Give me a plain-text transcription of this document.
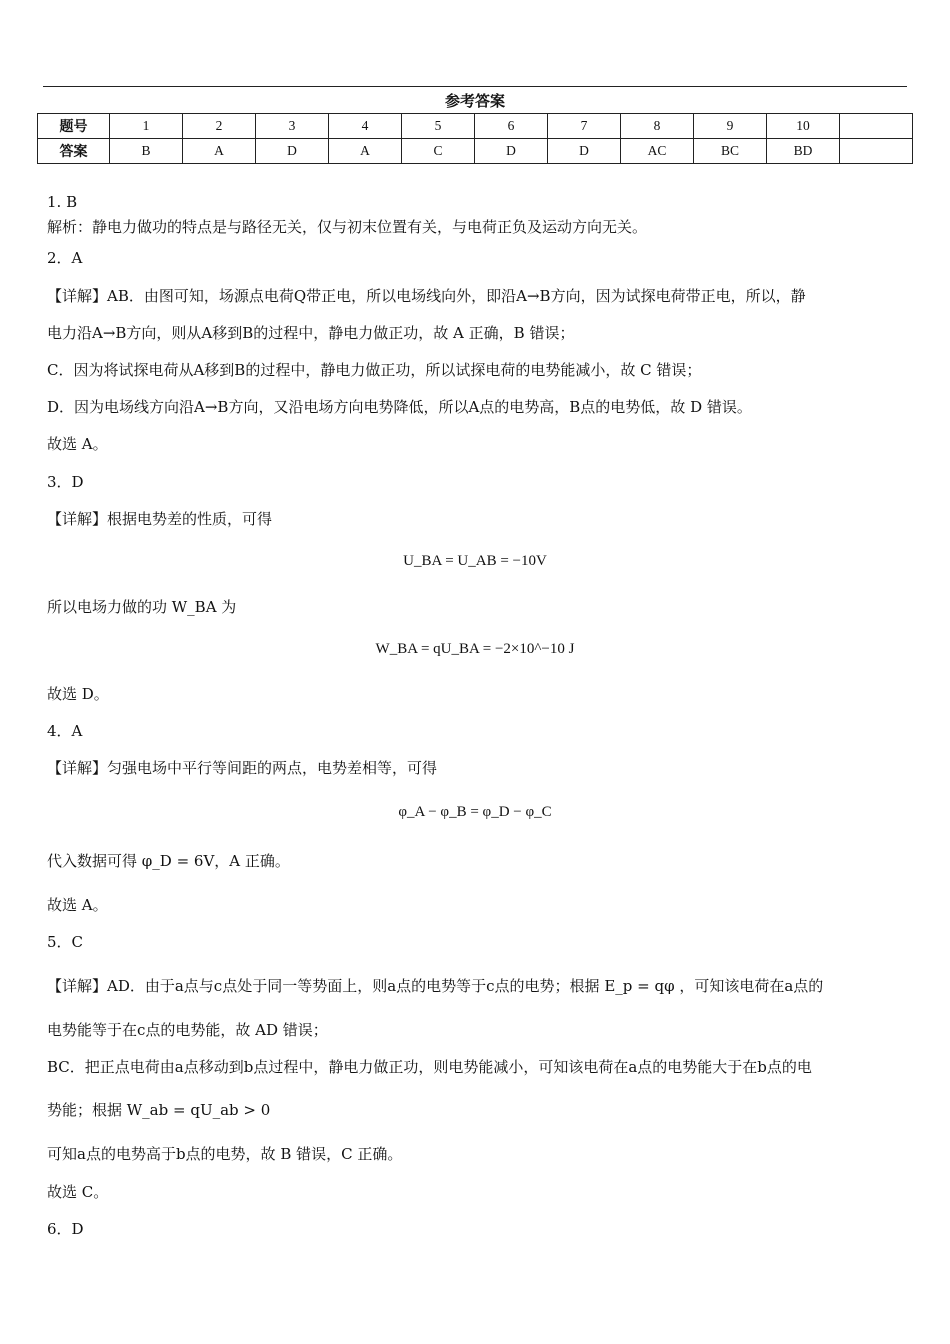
参考答案
题号	1	2	3	4	5	6	7	8	9	10	
答案	B	A	D	A	C	D	D	AC	BC	BD	
1. B
解析：静电力做功的特点是与路径无关，仅与初末位置有关，与电荷正负及运动方向无关。
2．A
【详解】AB．由图可知，场源点电荷Q带正电，所以电场线向外，即沿A→B方向，因为试探电荷带正电，所以，静
电力沿A→B方向，则从A移到B的过程中，静电力做正功，故 A 正确，B 错误；
C．因为将试探电荷从A移到B的过程中，静电力做正功，所以试探电荷的电势能减小，故 C 错误；
D．因为电场线方向沿A→B方向，又沿电场方向电势降低，所以A点的电势高，B点的电势低，故 D 错误。
故选 A。
3．D
【详解】根据电势差的性质，可得
U_BA = U_AB = −10V
所以电场力做的功 W_BA 为
W_BA = qU_BA = −2×10^−10 J
故选 D。
4．A
【详解】匀强电场中平行等间距的两点，电势差相等，可得
φ_A − φ_B = φ_D − φ_C
代入数据可得 φ_D = 6V，A 正确。
故选 A。
5．C
【详解】AD．由于a点与c点处于同一等势面上，则a点的电势等于c点的电势；根据 E_p = qφ ，可知该电荷在a点的
电势能等于在c点的电势能，故 AD 错误；
BC．把正点电荷由a点移动到b点过程中，静电力做正功，则电势能减小，可知该电荷在a点的电势能大于在b点的电
势能；根据 W_ab = qU_ab > 0
可知a点的电势高于b点的电势，故 B 错误，C 正确。
故选 C。
6．D
